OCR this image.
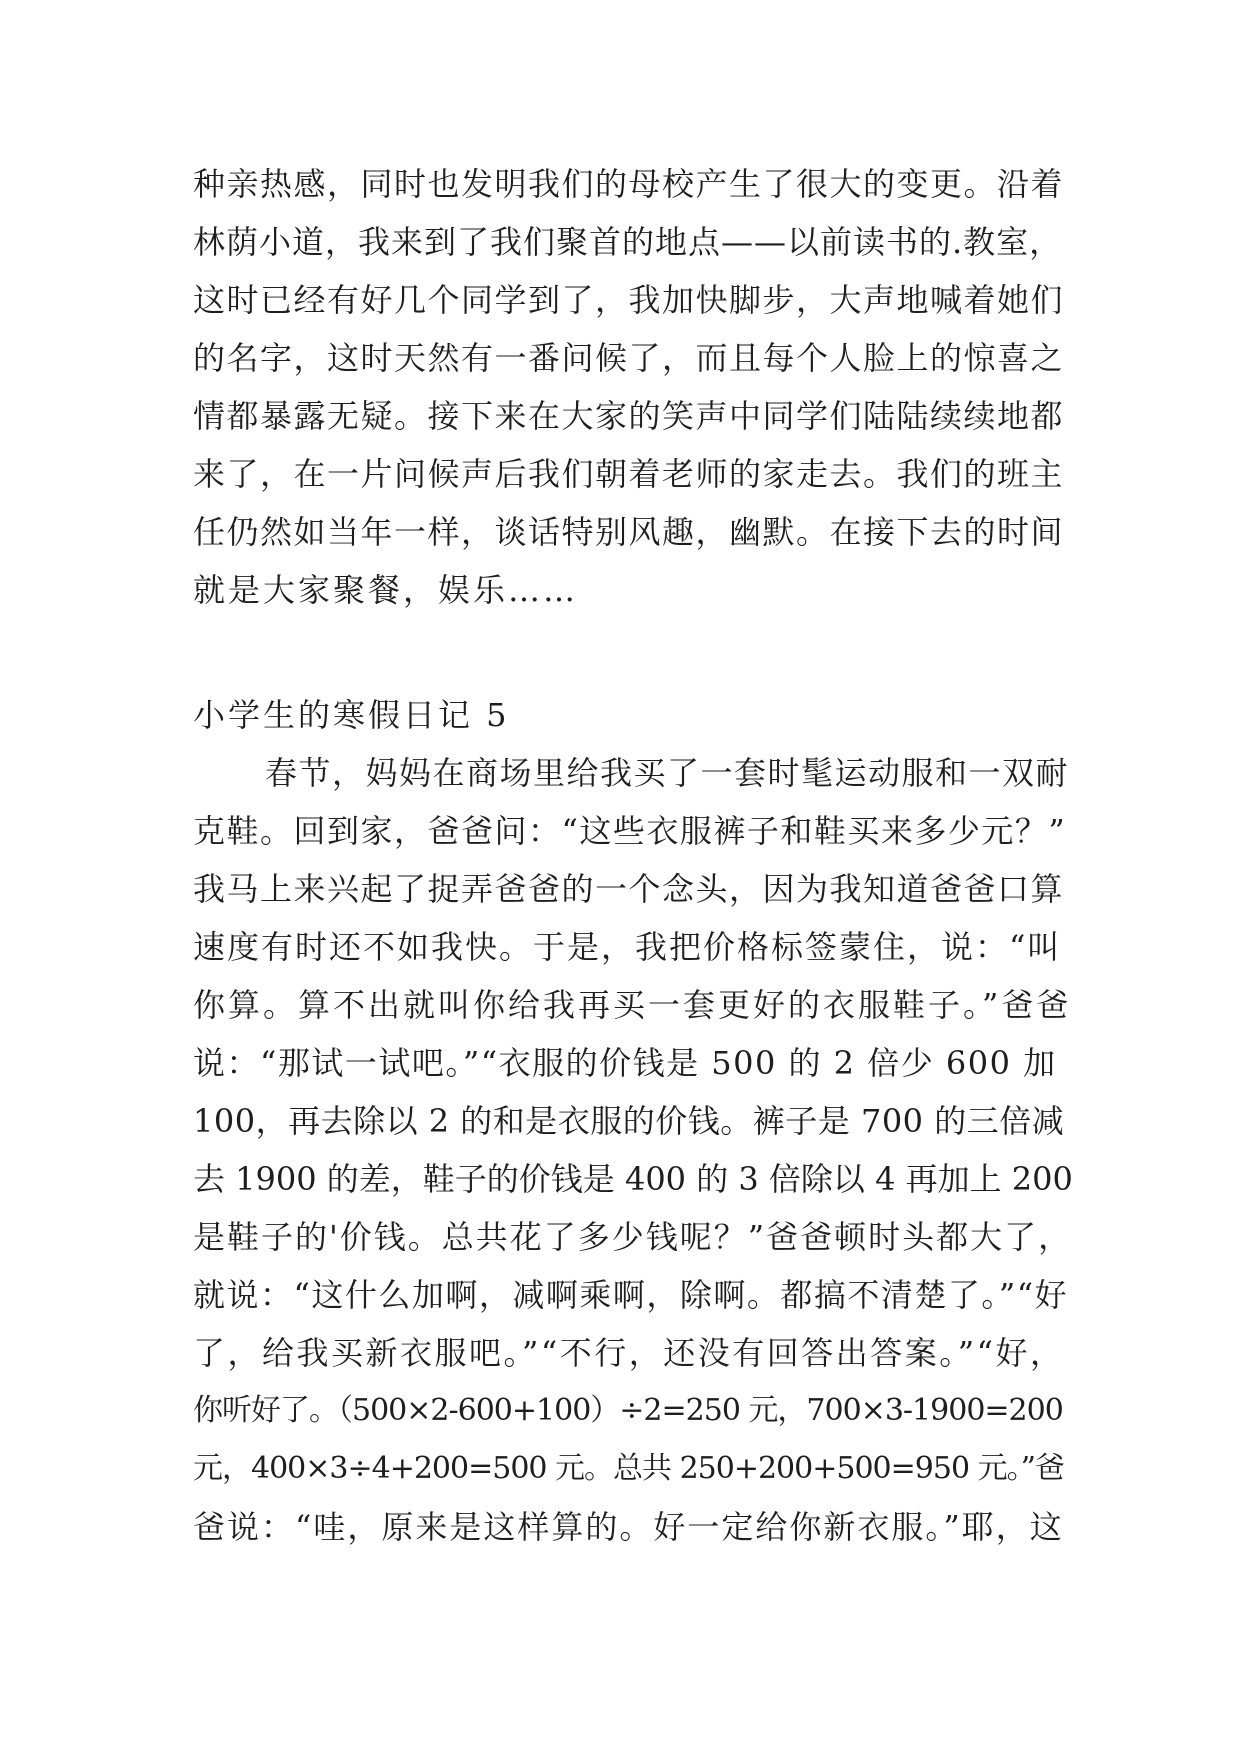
种亲热感，同时也发明我们的母校产生了很大的变更。沿着
林荫小道，我来到了我们聚首的地点——以前读书的.教室，
这时已经有好几个同学到了，我加快脚步，大声地喊着她们
的名字，这时天然有一番问候了，而且每个人脸上的惊喜之
情都暴露无疑。接下来在大家的笑声中同学们陆陆续续地都
来了，在一片问候声后我们朝着老师的家走去。我们的班主
任仍然如当年一样，谈话特别风趣，幽默。在接下去的时间
就是大家聚餐，娱乐……
小学生的寒假日记 5
春节，妈妈在商场里给我买了一套时髦运动服和一双耐
克鞋。回到家，爸爸问：“这些衣服裤子和鞋买来多少元？”
我马上来兴起了捉弄爸爸的一个念头，因为我知道爸爸口算
速度有时还不如我快。于是，我把价格标签蒙住，说：“叫
你算。算不出就叫你给我再买一套更好的衣服鞋子。”爸爸
说：“那试一试吧。”“衣服的价钱是 500 的 2 倍少 600 加
100，再去除以 2 的和是衣服的价钱。裤子是 700 的三倍减
去 1900 的差，鞋子的价钱是 400 的 3 倍除以 4 再加上 200
是鞋子的'价钱。总共花了多少钱呢？”爸爸顿时头都大了，
就说：“这什么加啊，减啊乘啊，除啊。都搞不清楚了。”“好
了，给我买新衣服吧。”“不行，还没有回答出答案。”“好，
你听好了。（500×2-600+100）÷2=250 元，700×3-1900=200
元，400×3÷4+200=500 元。总共 250+200+500=950 元。”爸
爸说：“哇，原来是这样算的。好一定给你新衣服。”耶，这
